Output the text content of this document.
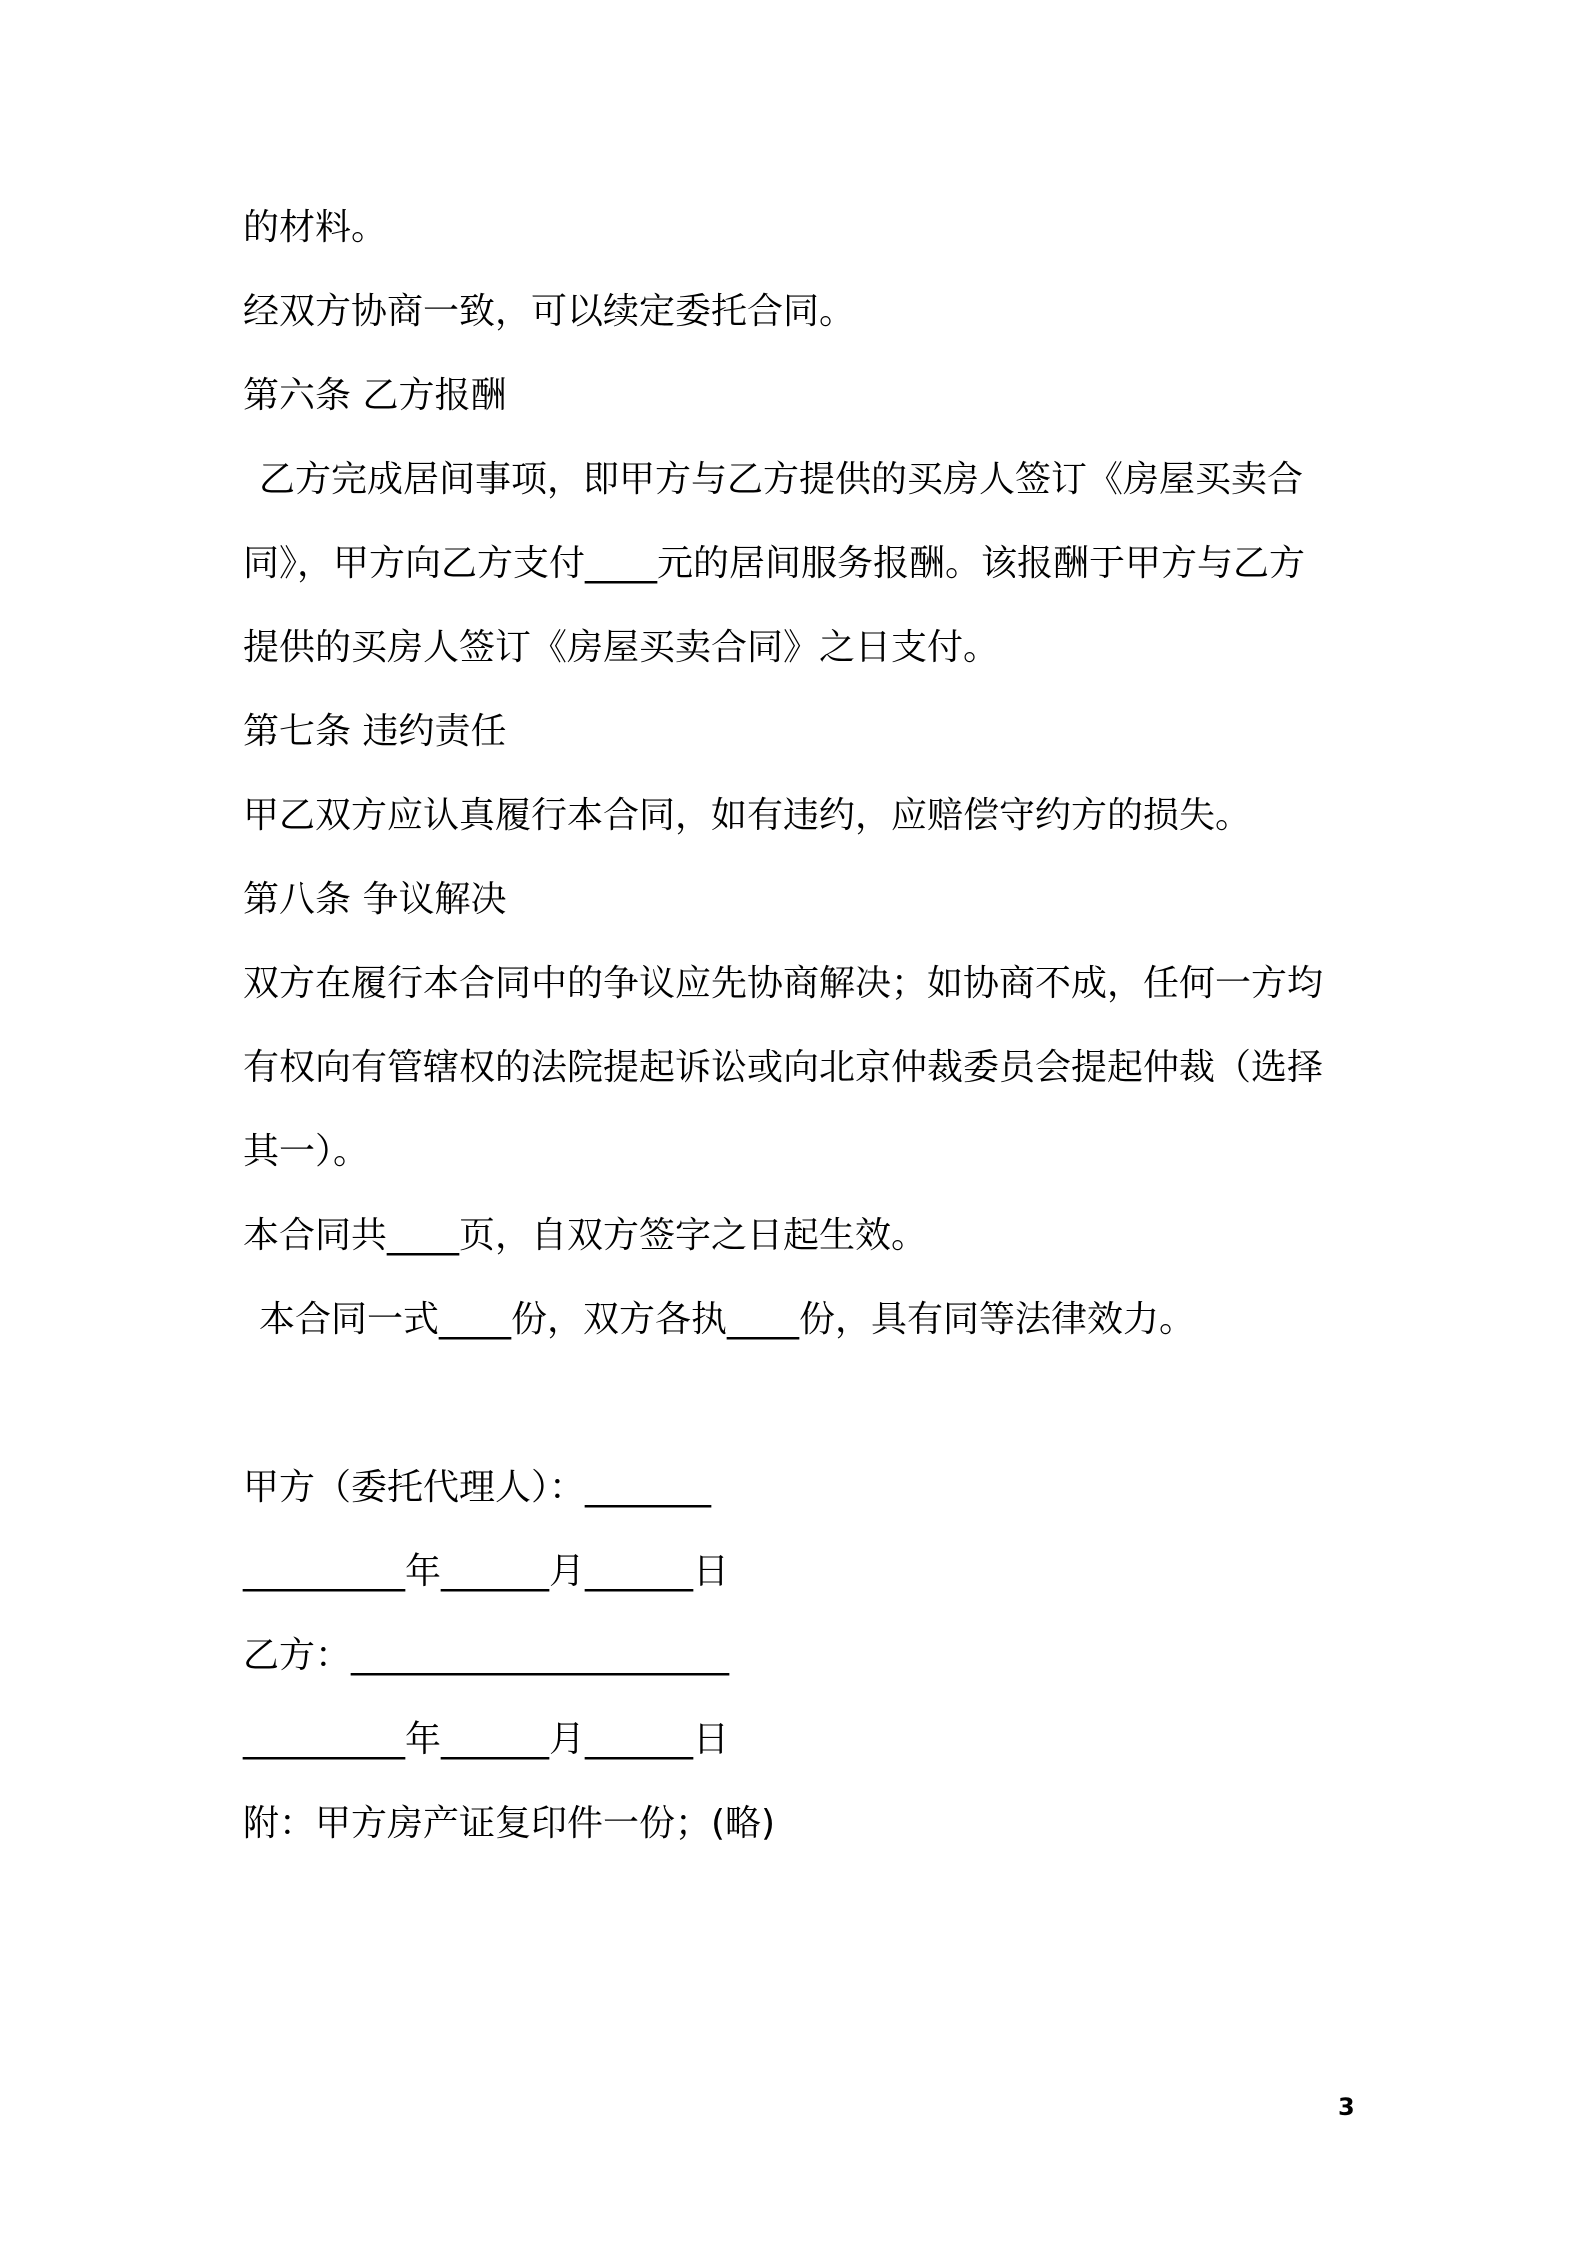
的材料。
经双方协商一致，可以续定委托合同。
第六条 乙方报酬
乙方完成居间事项，即甲方与乙方提供的买房人签订《房屋买卖合
同》，甲方向乙方支付____元的居间服务报酬。该报酬于甲方与乙方
提供的买房人签订《房屋买卖合同》之日支付。
第七条 违约责任
甲乙双方应认真履行本合同，如有违约，应赔偿守约方的损失。
第八条 争议解决
双方在履行本合同中的争议应先协商解决；如协商不成，任何一方均
有权向有管辖权的法院提起诉讼或向北京仲裁委员会提起仲裁（选择
其一）。
本合同共____页，自双方签字之日起生效。
本合同一式____份，双方各执____份，具有同等法律效力。
甲方（委托代理人）：_______
_________年______月______日
乙方：_____________________
_________年______月______日
附：甲方房产证复印件一份；(略)
3
